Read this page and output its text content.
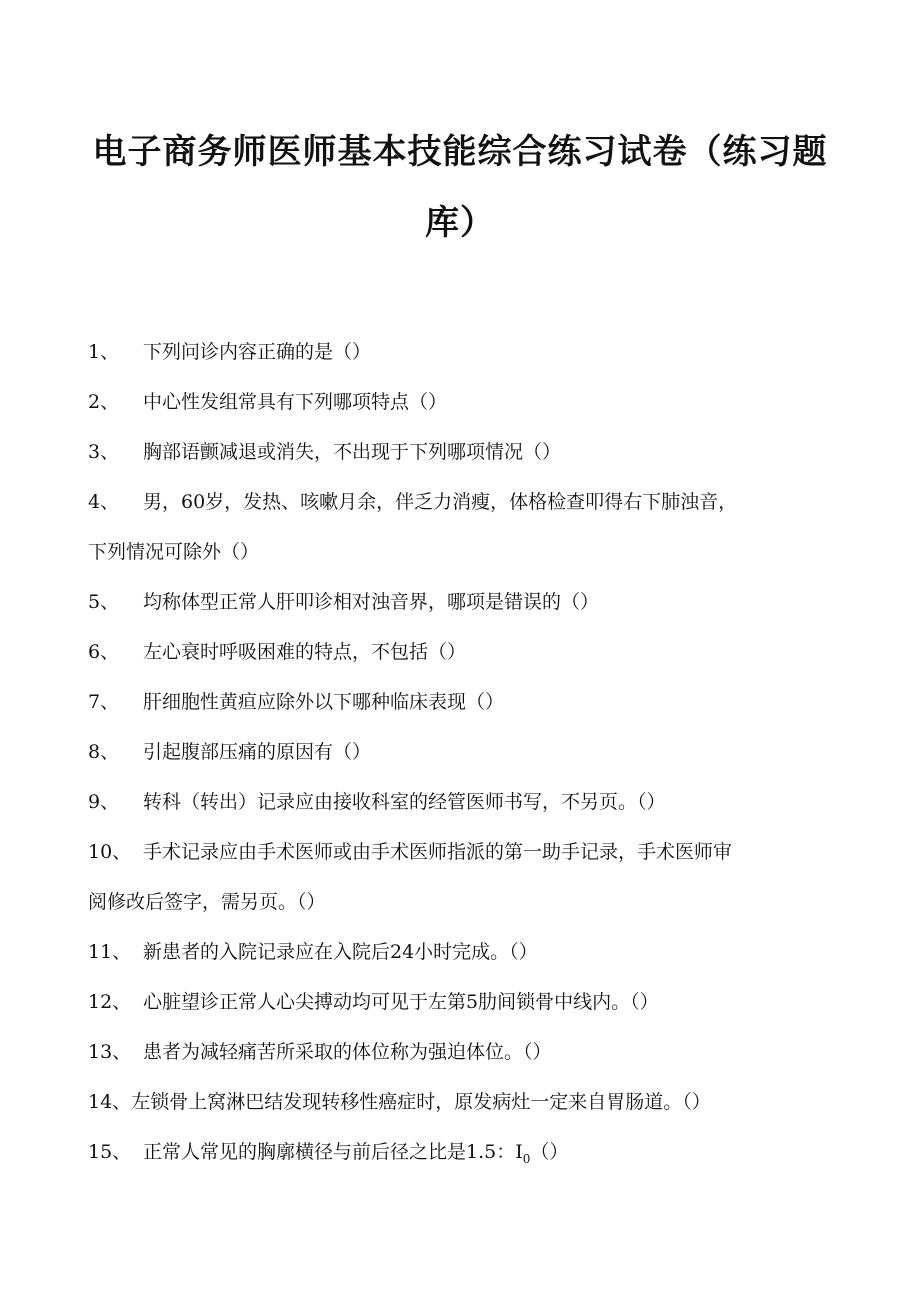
电子商务师医师基本技能综合练习试卷（练习题
库）
1、 下列问诊内容正确的是（）
2、 中心性发组常具有下列哪项特点（）
3、 胸部语颤减退或消失，不出现于下列哪项情况（）
4、 男，60岁，发热、咳嗽月余，伴乏力消瘦，体格检查叩得右下肺浊音，
下列情况可除外（）
5、 均称体型正常人肝叩诊相对浊音界，哪项是错误的（）
6、 左心衰时呼吸困难的特点，不包括（）
7、 肝细胞性黄疸应除外以下哪种临床表现（）
8、 引起腹部压痛的原因有（）
9、 转科（转出）记录应由接收科室的经管医师书写，不另页。（）
10、 手术记录应由手术医师或由手术医师指派的第一助手记录，手术医师审
阅修改后签字，需另页。（）
11、 新患者的入院记录应在入院后24小时完成。（）
12、 心脏望诊正常人心尖搏动均可见于左第5肋间锁骨中线内。（）
13、 患者为减轻痛苦所采取的体位称为强迫体位。（）
14、左锁骨上窝淋巴结发现转移性癌症时，原发病灶一定来自胃肠道。（）
15、 正常人常见的胸廓横径与前后径之比是1.5：$I_0()$
